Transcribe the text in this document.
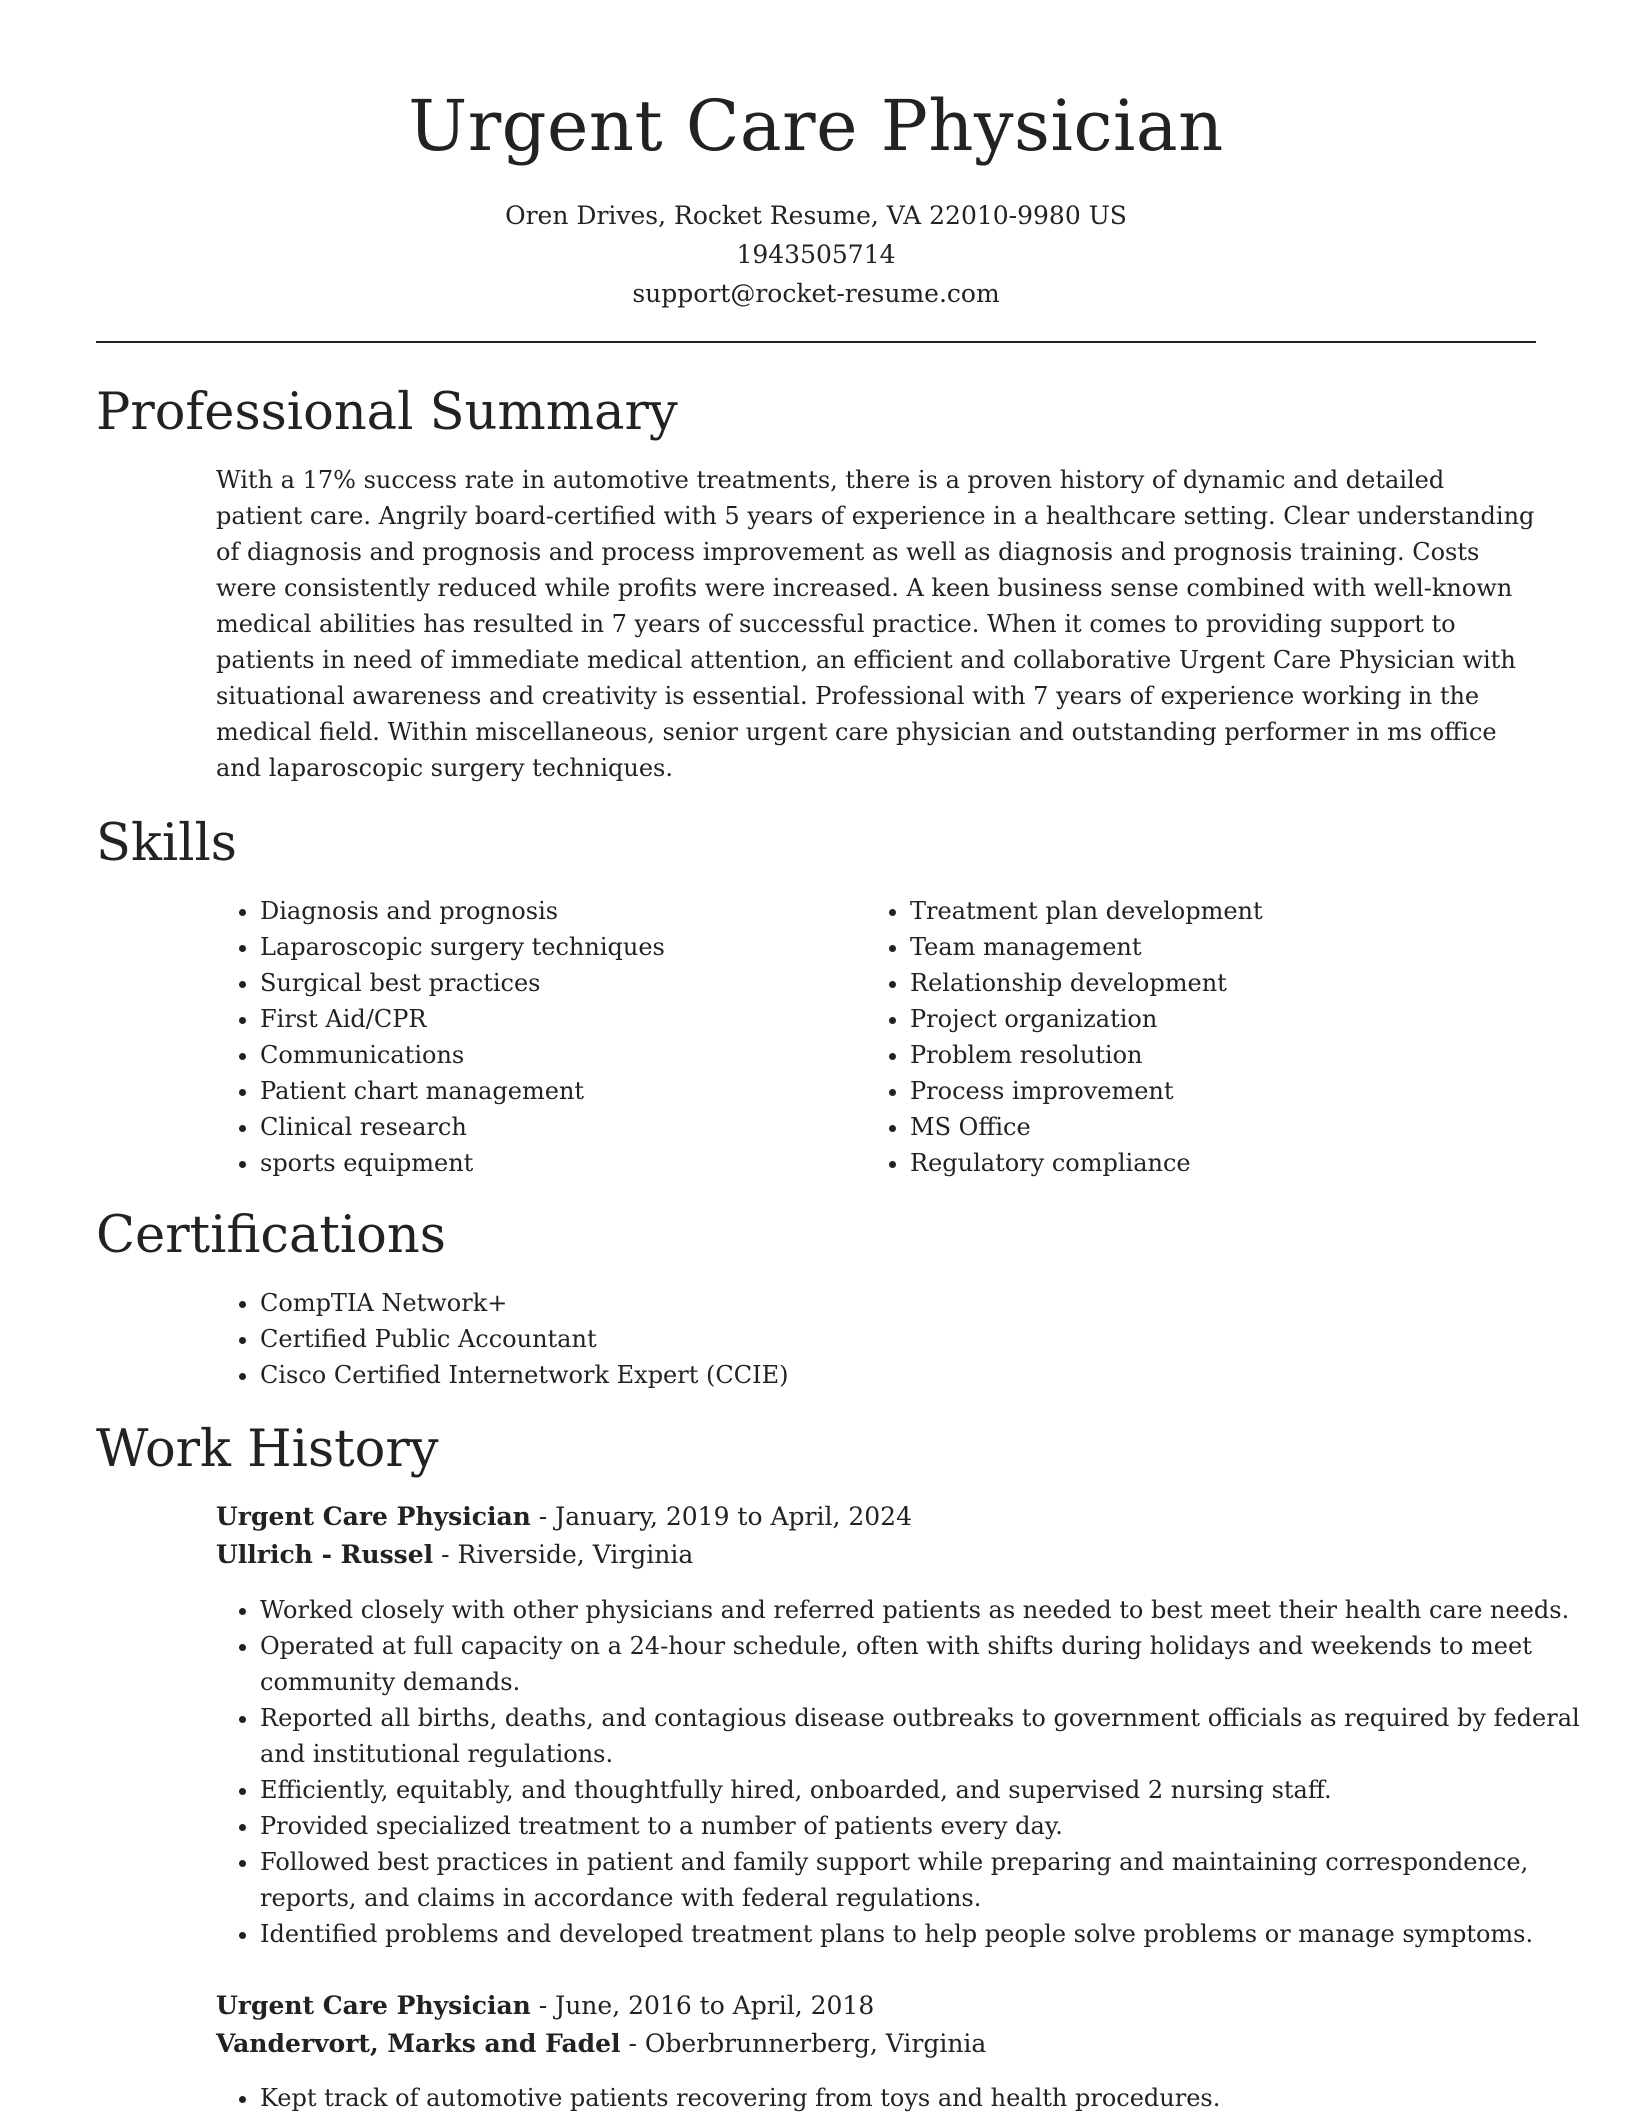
Urgent Care Physician
Oren Drives, Rocket Resume, VA 22010-9980 US
1943505714
support@rocket-resume.com
Professional Summary

With a 17% success rate in automotive treatments, there is a proven history of dynamic and detailed patient care. Angrily board-certified with 5 years of experience in a healthcare setting. Clear understanding of diagnosis and prognosis and process improvement as well as diagnosis and prognosis training. Costs were consistently reduced while profits were increased. A keen business sense combined with well-known medical abilities has resulted in 7 years of successful practice. When it comes to providing support to patients in need of immediate medical attention, an efficient and collaborative Urgent Care Physician with situational awareness and creativity is essential. Professional with 7 years of experience working in the medical field. Within miscellaneous, senior urgent care physician and outstanding performer in ms office and laparoscopic surgery techniques.

Skills
• Diagnosis and prognosis
• Laparoscopic surgery techniques
• Surgical best practices
• First Aid/CPR
• Communications
• Patient chart management
• Clinical research
• sports equipment
• Treatment plan development
• Team management
• Relationship development
• Project organization
• Problem resolution
• Process improvement
• MS Office
• Regulatory compliance
Certifications
• CompTIA Network+
• Certified Public Accountant
• Cisco Certified Internetwork Expert (CCIE)
Work History
Urgent Care Physician - January, 2019 to April, 2024
Ullrich - Russel - Riverside, Virginia
• Worked closely with other physicians and referred patients as needed to best meet their health care needs.
• Operated at full capacity on a 24-hour schedule, often with shifts during holidays and weekends to meet community demands.
• Reported all births, deaths, and contagious disease outbreaks to government officials as required by federal and institutional regulations.
• Efficiently, equitably, and thoughtfully hired, onboarded, and supervised 2 nursing staff.
• Provided specialized treatment to a number of patients every day.
• Followed best practices in patient and family support while preparing and maintaining correspondence, reports, and claims in accordance with federal regulations.
• Identified problems and developed treatment plans to help people solve problems or manage symptoms.
Urgent Care Physician - June, 2016 to April, 2018
Vandervort, Marks and Fadel - Oberbrunnerberg, Virginia
• Kept track of automotive patients recovering from toys and health procedures.
